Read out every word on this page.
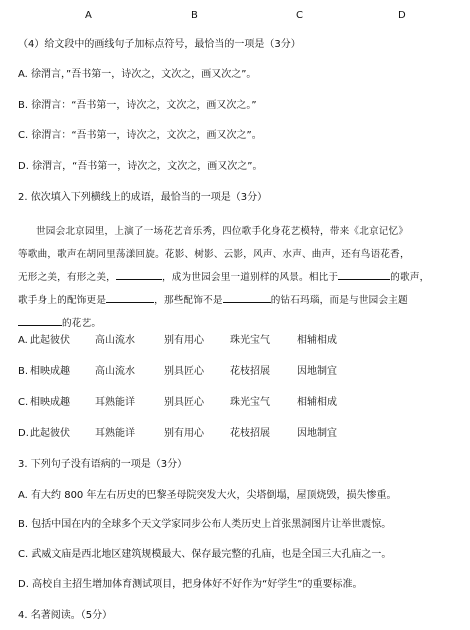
A	B	C	D
（4）给文段中的画线句子加标点符号，最恰当的一项是（3分）
A. 徐渭言，”吾书第一，诗次之，文次之，画又次之”。
B. 徐渭言：“吾书第一，诗次之，文次之，画又次之。”
C. 徐渭言：“吾书第一，诗次之，文次之，画又次之”。
D. 徐渭言，“吾书第一，诗次之，文次之，画又次之”。
2. 依次填入下列横线上的成语，最恰当的一项是（3分）
世园会北京园里，上演了一场花艺音乐秀，四位歌手化身花艺模特，带来《北京记忆》
等歌曲，歌声在胡同里荡漾回旋。花影、树影、云影，风声、水声、曲声，还有鸟语花香，
无形之美，有形之美，	，成为世园会里一道别样的风景。相比于	的歌声，
歌手身上的配饰更是	，那些配饰不是	的钻石玛瑙，而是与世园会主题
的花艺。
A. 此起彼伏	高山流水	别有用心	珠光宝气	相辅相成
B. 相映成趣	高山流水	别具匠心	花枝招展	因地制宜
C. 相映成趣	耳熟能详	别具匠心	珠光宝气	相辅相成
D. 此起彼伏	耳熟能详	别有用心	花枝招展	因地制宜
3. 下列句子没有语病的一项是（3分）
A. 有大约 800 年左右历史的巴黎圣母院突发大火，尖塔倒塌，屋顶烧毁，损失惨重。
B. 包括中国在内的全球多个天文学家同步公布人类历史上首张黑洞图片让举世震惊。
C. 武威文庙是西北地区建筑规模最大、保存最完整的孔庙，也是全国三大孔庙之一。
D. 高校自主招生增加体育测试项目，把身体好不好作为“好学生”的重要标准。
4. 名著阅读。（5分）
